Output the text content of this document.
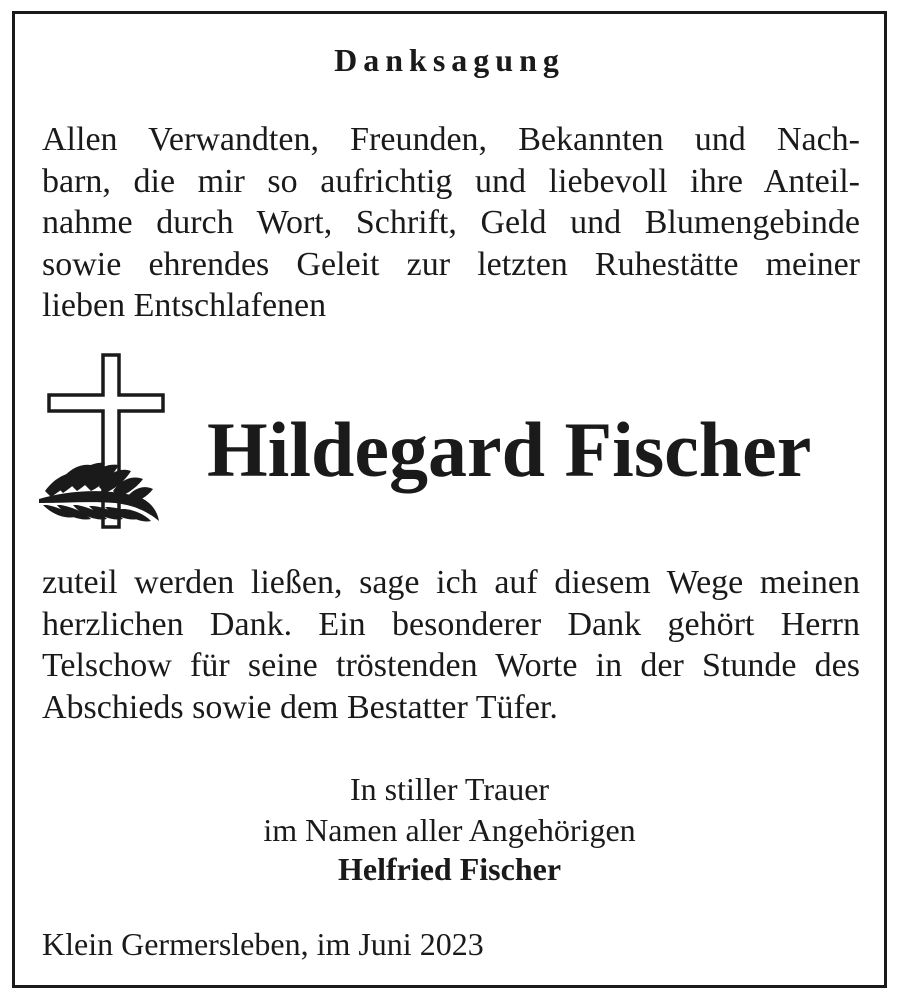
Danksagung

Allen Verwandten, Freunden, Bekannten und Nach-
barn, die mir so aufrichtig und liebevoll ihre Anteil-
nahme durch Wort, Schrift, Geld und Blumengebinde
sowie ehrendes Geleit zur letzten Ruhestätte meiner
lieben Entschlafenen

Hildegard Fischer

zuteil werden ließen, sage ich auf diesem Wege meinen
herzlichen Dank. Ein besonderer Dank gehört Herrn
Telschow für seine tröstenden Worte in der Stunde des
Abschieds sowie dem Bestatter Tüfer.

In stiller Trauer
im Namen aller Angehörigen
Helfried Fischer
Klein Germersleben, im Juni 2023
